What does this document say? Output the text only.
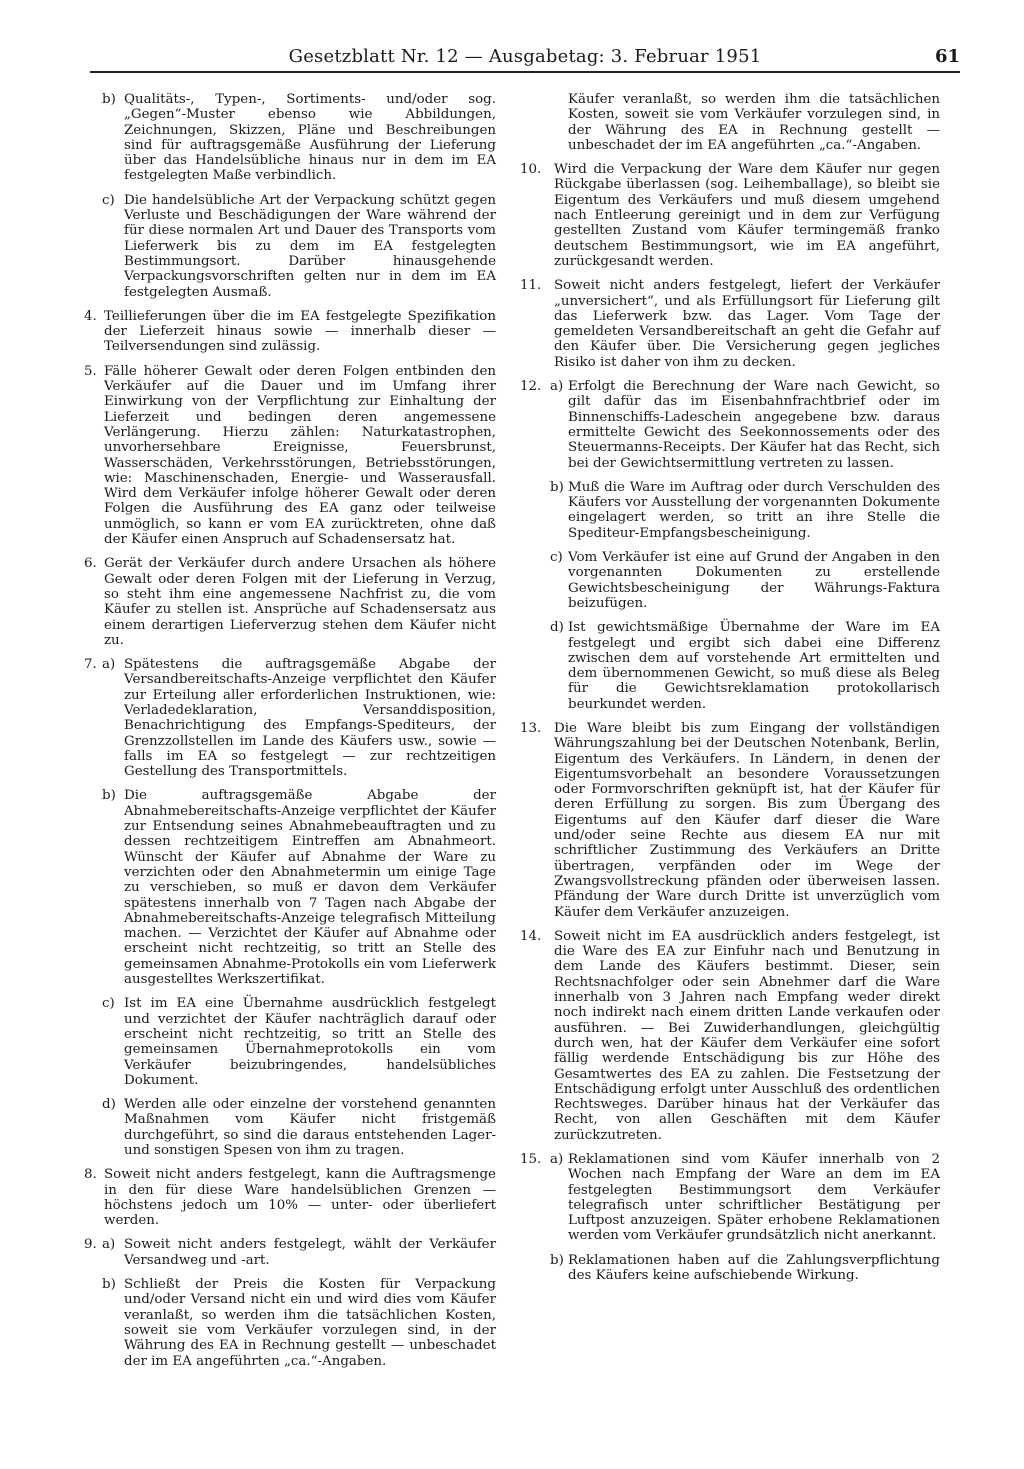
Gesetzblatt Nr. 12 — Ausgabetag: 3. Februar 1951	61
b) Qualitäts-, Typen-, Sortiments- und/oder sog. „Gegen“-Muster ebenso wie Abbildungen, Zeichnungen, Skizzen, Pläne und Beschreibungen sind für auftragsgemäße Ausführung der Lieferung über das Handelsübliche hinaus nur in dem im EA festgelegten Maße verbindlich.
c) Die handelsübliche Art der Verpackung schützt gegen Verluste und Beschädigungen der Ware während der für diese normalen Art und Dauer des Transports vom Lieferwerk bis zu dem im EA festgelegten Bestimmungsort. Darüber hinausgehende Verpackungsvorschriften gelten nur in dem im EA festgelegten Ausmaß.
4. Teillieferungen über die im EA festgelegte Spezifikation der Lieferzeit hinaus sowie — innerhalb dieser — Teilversendungen sind zulässig.
5. Fälle höherer Gewalt oder deren Folgen entbinden den Verkäufer auf die Dauer und im Umfang ihrer Einwirkung von der Verpflichtung zur Einhaltung der Lieferzeit und bedingen deren angemessene Verlängerung. Hierzu zählen: Naturkatastrophen, unvorhersehbare Ereignisse, Feuersbrunst, Wasserschäden, Verkehrsstörungen, Betriebsstörungen, wie: Maschinenschaden, Energie- und Wasserausfall. Wird dem Verkäufer infolge höherer Gewalt oder deren Folgen die Ausführung des EA ganz oder teilweise unmöglich, so kann er vom EA zurücktreten, ohne daß der Käufer einen Anspruch auf Schadensersatz hat.
6. Gerät der Verkäufer durch andere Ursachen als höhere Gewalt oder deren Folgen mit der Lieferung in Verzug, so steht ihm eine angemessene Nachfrist zu, die vom Käufer zu stellen ist. Ansprüche auf Schadensersatz aus einem derartigen Lieferverzug stehen dem Käufer nicht zu.
7. a) Spätestens die auftragsgemäße Abgabe der Versandbereitschafts-Anzeige verpflichtet den Käufer zur Erteilung aller erforderlichen Instruktionen, wie: Verladedeklaration, Versanddisposition, Benachrichtigung des Empfangs-Spediteurs, der Grenzzollstellen im Lande des Käufers usw., sowie — falls im EA so festgelegt — zur rechtzeitigen Gestellung des Transportmittels.
b) Die auftragsgemäße Abgabe der Abnahmebereitschafts-Anzeige verpflichtet der Käufer zur Entsendung seines Abnahmebeauftragten und zu dessen rechtzeitigem Eintreffen am Abnahmeort. Wünscht der Käufer auf Abnahme der Ware zu verzichten oder den Abnahmetermin um einige Tage zu verschieben, so muß er davon dem Verkäufer spätestens innerhalb von 7 Tagen nach Abgabe der Abnahmebereitschafts-Anzeige telegrafisch Mitteilung machen. — Verzichtet der Käufer auf Abnahme oder erscheint nicht rechtzeitig, so tritt an Stelle des gemeinsamen Abnahme-Protokolls ein vom Lieferwerk ausgestelltes Werkszertifikat.
c) Ist im EA eine Übernahme ausdrücklich festgelegt und verzichtet der Käufer nachträglich darauf oder erscheint nicht rechtzeitig, so tritt an Stelle des gemeinsamen Übernahmeprotokolls ein vom Verkäufer beizubringendes, handelsübliches Dokument.
d) Werden alle oder einzelne der vorstehend genannten Maßnahmen vom Käufer nicht fristgemäß durchgeführt, so sind die daraus entstehenden Lager- und sonstigen Spesen von ihm zu tragen.
8. Soweit nicht anders festgelegt, kann die Auftragsmenge in den für diese Ware handelsüblichen Grenzen — höchstens jedoch um 10% — unter- oder überliefert werden.
9. a) Soweit nicht anders festgelegt, wählt der Verkäufer Versandweg und -art.
b) Schließt der Preis die Kosten für Verpackung und/oder Versand nicht ein und wird dies vom Käufer veranlaßt, so werden ihm die tatsächlichen Kosten, soweit sie vom Verkäufer vorzulegen sind, in der Währung des EA in Rechnung gestellt — unbeschadet der im EA angeführten „ca.“-Angaben.
Käufer veranlaßt, so werden ihm die tatsächlichen Kosten, soweit sie vom Verkäufer vorzulegen sind, in der Währung des EA in Rechnung gestellt — unbeschadet der im EA angeführten „ca.“-Angaben.
10. Wird die Verpackung der Ware dem Käufer nur gegen Rückgabe überlassen (sog. Leihemballage), so bleibt sie Eigentum des Verkäufers und muß diesem umgehend nach Entleerung gereinigt und in dem zur Verfügung gestellten Zustand vom Käufer termingemäß franko deutschem Bestimmungsort, wie im EA angeführt, zurückgesandt werden.
11. Soweit nicht anders festgelegt, liefert der Verkäufer „unversichert“, und als Erfüllungsort für Lieferung gilt das Lieferwerk bzw. das Lager. Vom Tage der gemeldeten Versandbereitschaft an geht die Gefahr auf den Käufer über. Die Versicherung gegen jegliches Risiko ist daher von ihm zu decken.
12. a) Erfolgt die Berechnung der Ware nach Gewicht, so gilt dafür das im Eisenbahnfrachtbrief oder im Binnenschiffs-Ladeschein angegebene bzw. daraus ermittelte Gewicht des Seekonnossements oder des Steuermanns-Receipts. Der Käufer hat das Recht, sich bei der Gewichtsermittlung vertreten zu lassen.
b) Muß die Ware im Auftrag oder durch Verschulden des Käufers vor Ausstellung der vorgenannten Dokumente eingelagert werden, so tritt an ihre Stelle die Spediteur-Empfangsbescheinigung.
c) Vom Verkäufer ist eine auf Grund der Angaben in den vorgenannten Dokumenten zu erstellende Gewichtsbescheinigung der Währungs-Faktura beizufügen.
d) Ist gewichtsmäßige Übernahme der Ware im EA festgelegt und ergibt sich dabei eine Differenz zwischen dem auf vorstehende Art ermittelten und dem übernommenen Gewicht, so muß diese als Beleg für die Gewichtsreklamation protokollarisch beurkundet werden.
13. Die Ware bleibt bis zum Eingang der vollständigen Währungszahlung bei der Deutschen Notenbank, Berlin, Eigentum des Verkäufers. In Ländern, in denen der Eigentumsvorbehalt an besondere Voraussetzungen oder Formvorschriften geknüpft ist, hat der Käufer für deren Erfüllung zu sorgen. Bis zum Übergang des Eigentums auf den Käufer darf dieser die Ware und/oder seine Rechte aus diesem EA nur mit schriftlicher Zustimmung des Verkäufers an Dritte übertragen, verpfänden oder im Wege der Zwangsvollstreckung pfänden oder überweisen lassen. Pfändung der Ware durch Dritte ist unverzüglich vom Käufer dem Verkäufer anzuzeigen.
14. Soweit nicht im EA ausdrücklich anders festgelegt, ist die Ware des EA zur Einfuhr nach und Benutzung in dem Lande des Käufers bestimmt. Dieser, sein Rechtsnachfolger oder sein Abnehmer darf die Ware innerhalb von 3 Jahren nach Empfang weder direkt noch indirekt nach einem dritten Lande verkaufen oder ausführen. — Bei Zuwiderhandlungen, gleichgültig durch wen, hat der Käufer dem Verkäufer eine sofort fällig werdende Entschädigung bis zur Höhe des Gesamtwertes des EA zu zahlen. Die Festsetzung der Entschädigung erfolgt unter Ausschluß des ordentlichen Rechtsweges. Darüber hinaus hat der Verkäufer das Recht, von allen Geschäften mit dem Käufer zurückzutreten.
15. a) Reklamationen sind vom Käufer innerhalb von 2 Wochen nach Empfang der Ware an dem im EA festgelegten Bestimmungsort dem Verkäufer telegrafisch unter schriftlicher Bestätigung per Luftpost anzuzeigen. Später erhobene Reklamationen werden vom Verkäufer grundsätzlich nicht anerkannt.
b) Reklamationen haben auf die Zahlungsverpflichtung des Käufers keine aufschiebende Wirkung.
